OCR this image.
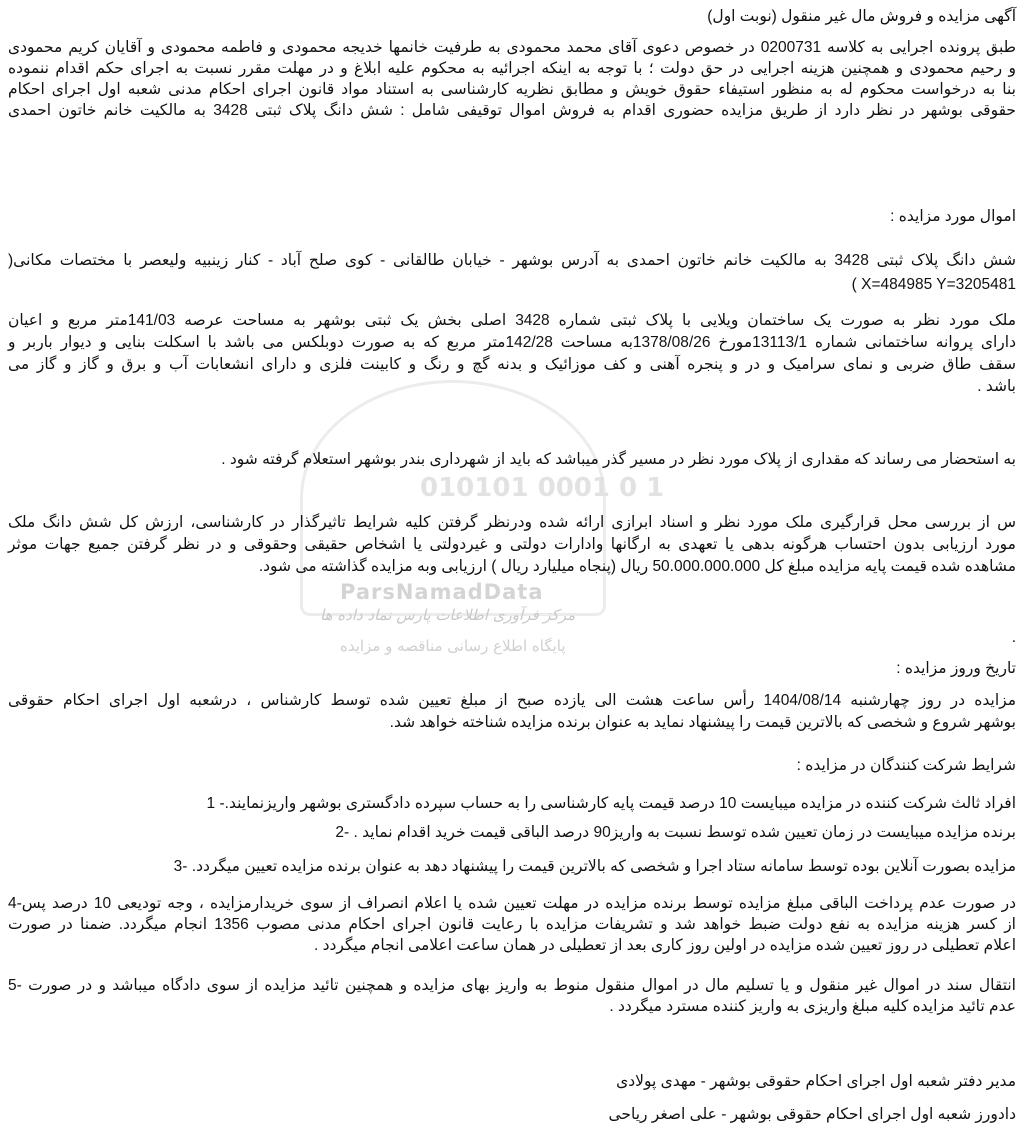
010101 0001 0 1
ParsNamadData
مرکز فرآوری اطلاعات پارس نماد داده ها
پایگاه اطلاع رسانی مناقصه و مزایده
آگهی مزایده و فروش مال غیر منقول (نوبت اول)
طبق پرونده اجرایی به کلاسه 0200731 در خصوص دعوی آقای محمد محمودی به طرفیت خانمها خدیجه محمودی و فاطمه محمودی و آقایان کریم محمودی
و رحیم محمودی و همچنین هزینه اجرایی در حق دولت ؛ با توجه به اینکه اجرائیه به محکوم علیه ابلاغ و در مهلت مقرر نسبت به اجرای حکم اقدام ننموده
بنا به درخواست محکوم له به منظور استیفاء حقوق خویش و مطابق نظریه کارشناسی به استناد مواد قانون اجرای احکام مدنی شعبه اول اجرای احکام
حقوقی بوشهر در نظر دارد از طریق مزایده حضوری اقدام به فروش اموال توقیفی شامل : شش دانگ پلاک ثبتی 3428 به مالکیت خانم خاتون احمدی
اموال مورد مزایده :
شش دانگ پلاک ثبتی 3428 به مالکیت خانم خاتون احمدی به آدرس بوشهر - خیابان طالقانی - کوی صلح آباد - کنار زینبیه ولیعصر با مختصات مکانی(
X=484985 Y=3205481 )
ملک مورد نظر به صورت یک ساختمان ویلایی با پلاک ثبتی شماره 3428 اصلی بخش یک ثبتی بوشهر به مساحت عرصه 141/03متر مربع و اعیان
دارای پروانه ساختمانی شماره 13113/1مورخ 1378/08/26به مساحت 142/28متر مربع که به صورت دوبلکس می باشد با اسکلت بنایی و دیوار باربر و
سقف طاق ضربی و نمای سرامیک و در و پنجره آهنی و کف موزائیک و بدنه گچ و رنگ و کابینت فلزی و دارای انشعابات آب و برق و گاز و گاز می
باشد .
به استحضار می رساند که مقداری از پلاک مورد نظر در مسیر گذر میباشد که باید از شهرداری بندر بوشهر استعلام گرفته شود .
س از بررسی محل قرارگیری ملک مورد نظر و اسناد ابرازی ارائه شده ودرنظر گرفتن کلیه شرایط تاثیرگذار در کارشناسی، ارزش کل شش دانگ ملک
مورد ارزیابی بدون احتساب هرگونه بدهی یا تعهدی به ارگانها وادارات دولتی و غیردولتی یا اشخاص حقیقی وحقوقی و در نظر گرفتن جمیع جهات موثر
مشاهده شده قیمت پایه مزایده مبلغ کل 50.000.000.000 ریال (پنجاه میلیارد ریال ) ارزیابی وبه مزایده گذاشته می شود.
.
تاریخ وروز مزایده :
مزایده در روز چهارشنبه 1404/08/14 رأس ساعت هشت الی یازده صبح از مبلغ تعیین شده توسط کارشناس ، درشعبه اول اجرای احکام حقوقی
بوشهر شروع و شخصی که بالاترین قیمت را پیشنهاد نماید به عنوان برنده مزایده شناخته خواهد شد.
شرایط شرکت کنندگان در مزایده :
افراد ثالث شرکت کننده در مزایده میبایست 10 درصد قیمت پایه کارشناسی را به حساب سپرده دادگستری بوشهر واریزنمایند.- 1
برنده مزایده میبایست در زمان تعیین شده توسط نسبت به واریز90 درصد الباقی قیمت خرید اقدام نماید . -2
مزایده بصورت آنلاین بوده توسط سامانه ستاد اجرا و شخصی که بالاترین قیمت را پیشنهاد دهد به عنوان برنده مزایده تعیین میگردد. -3
در صورت عدم پرداخت الباقی مبلغ مزایده توسط برنده مزایده در مهلت تعیین شده یا اعلام انصراف از سوی خریدارمزایده ، وجه تودیعی 10 درصد پس-4
از کسر هزینه مزایده به نفع دولت ضبط خواهد شد و تشریفات مزایده با رعایت قانون اجرای احکام مدنی مصوب 1356 انجام میگردد. ضمنا در صورت
اعلام تعطیلی در روز تعیین شده مزایده در اولین روز کاری بعد از تعطیلی در همان ساعت اعلامی انجام میگردد .
انتقال سند در اموال غیر منقول و یا تسلیم مال در اموال منقول منوط به واریز بهای مزایده و همچنین تائید مزایده از سوی دادگاه میباشد و در صورت -5
عدم تائید مزایده کلیه مبلغ واریزی به واریز کننده مسترد میگردد .
مدیر دفتر شعبه اول اجرای احکام حقوقی بوشهر - مهدی پولادی
دادورز شعبه اول اجرای احکام حقوقی بوشهر - علی اصغر ریاحی
